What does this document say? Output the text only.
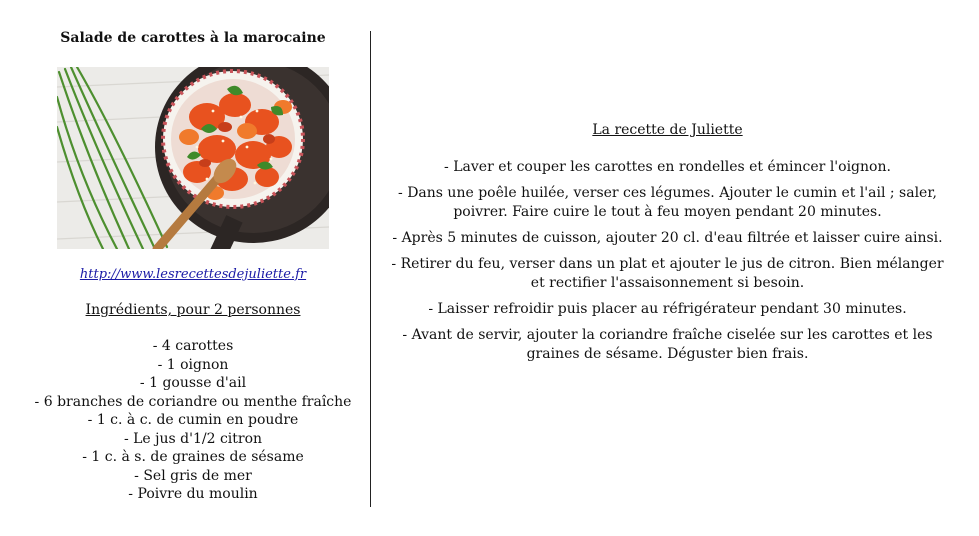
Salade de carottes à la marocaine
http://www.lesrecettesdejuliette.fr
Ingrédients, pour 2 personnes
- 4 carottes
- 1 oignon
- 1 gousse d'ail
- 6 branches de coriandre ou menthe fraîche
- 1 c. à c. de cumin en poudre
- Le jus d'1/2 citron
- 1 c. à s. de graines de sésame
- Sel gris de mer
- Poivre du moulin
La recette de Juliette
- Laver et couper les carottes en rondelles et émincer l'oignon.
- Dans une poêle huilée, verser ces légumes. Ajouter le cumin et l'ail ; saler, poivrer. Faire cuire le tout à feu moyen pendant 20 minutes.
- Après 5 minutes de cuisson, ajouter 20 cl. d'eau filtrée et laisser cuire ainsi.
- Retirer du feu, verser dans un plat et ajouter le jus de citron. Bien mélanger et rectifier l'assaisonnement si besoin.
- Laisser refroidir puis placer au réfrigérateur pendant 30 minutes.
- Avant de servir, ajouter la coriandre fraîche ciselée sur les carottes et les graines de sésame. Déguster bien frais.
